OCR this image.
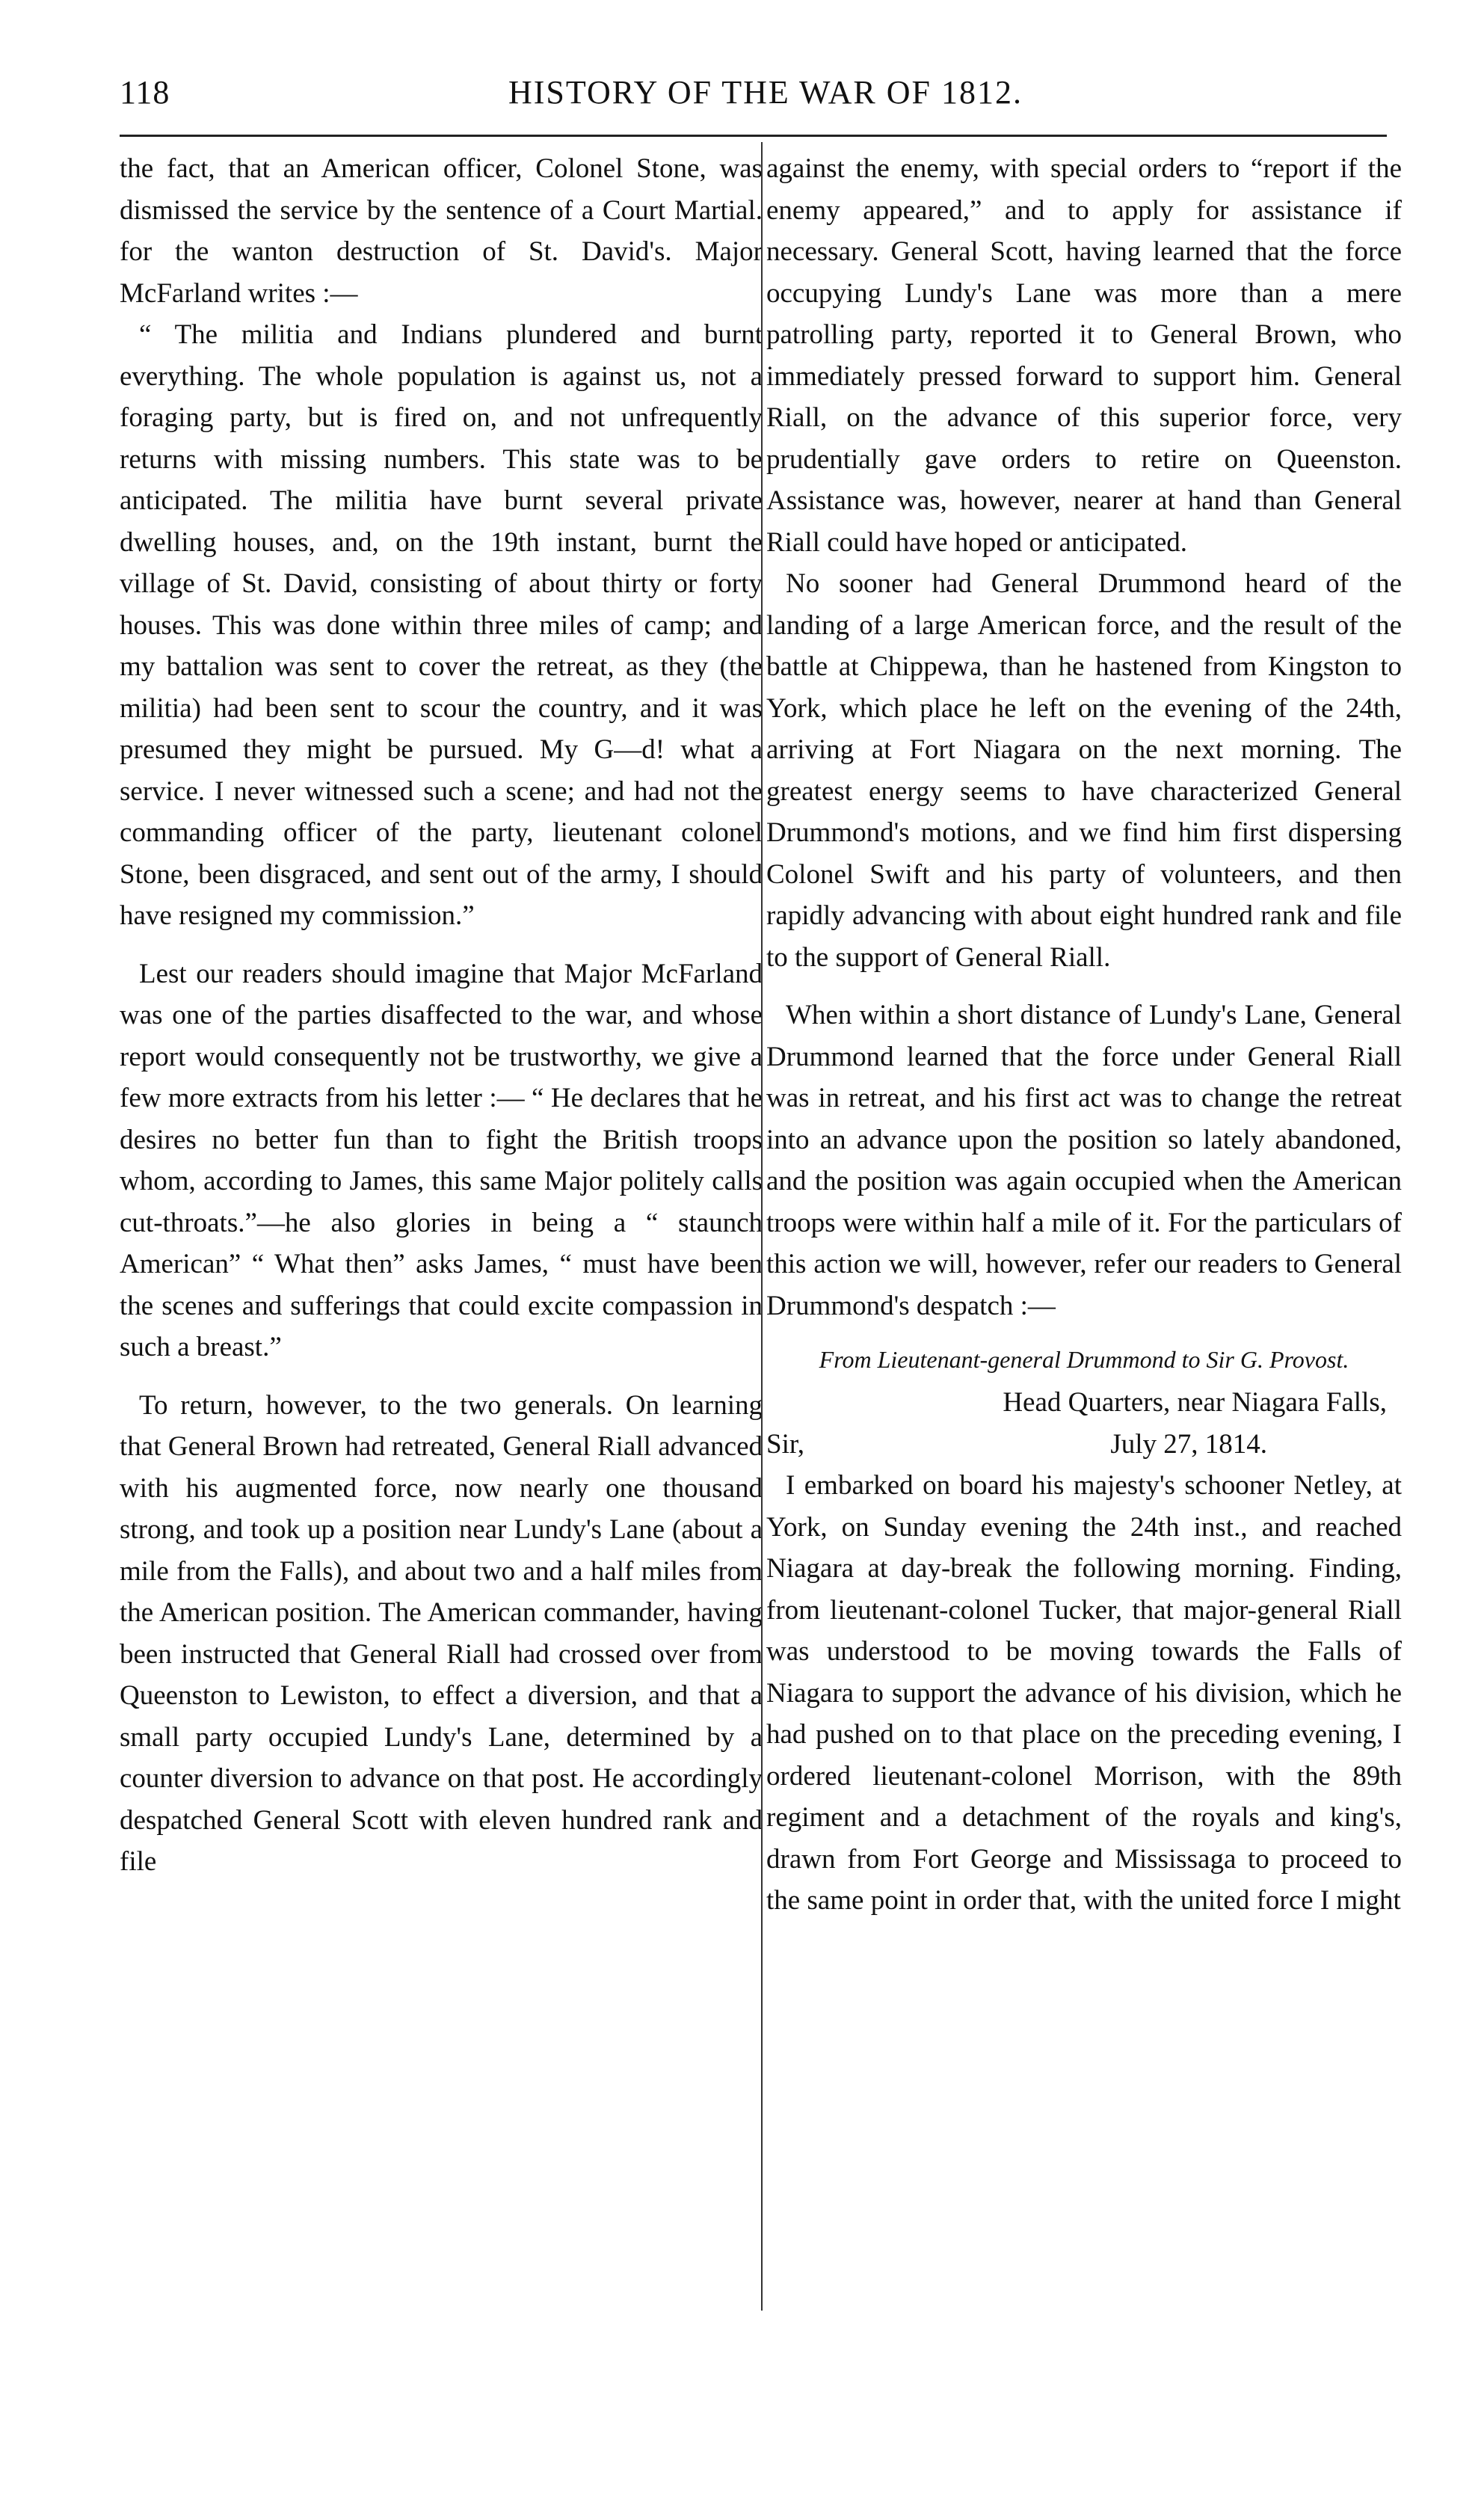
118	HISTORY OF THE WAR OF 1812.

the fact, that an American officer, Colonel Stone, was dismissed the service by the sentence of a Court Martial. for the wanton destruction of St. David's. Major McFarland writes :—

“ The militia and Indians plundered and burnt everything. The whole population is against us, not a foraging party, but is fired on, and not unfrequently returns with missing numbers. This state was to be anticipated. The militia have burnt several private dwelling houses, and, on the 19th instant, burnt the village of St. David, consisting of about thirty or forty houses. This was done within three miles of camp; and my battalion was sent to cover the retreat, as they (the militia) had been sent to scour the country, and it was presumed they might be pursued. My G—d! what a service. I never witnessed such a scene; and had not the commanding officer of the party, lieutenant colonel Stone, been disgraced, and sent out of the army, I should have resigned my commission.”

Lest our readers should imagine that Major McFarland was one of the parties disaffected to the war, and whose report would consequently not be trustworthy, we give a few more extracts from his letter :— “ He declares that he desires no better fun than to fight the British troops whom, according to James, this same Major politely calls cut-throats.”—he also glories in being a “ staunch American” “ What then” asks James, “ must have been the scenes and sufferings that could excite compassion in such a breast.”

To return, however, to the two generals. On learning that General Brown had retreated, General Riall advanced with his augmented force, now nearly one thousand strong, and took up a position near Lundy's Lane (about a mile from the Falls), and about two and a half miles from the American position. The American commander, having been instructed that General Riall had crossed over from Queenston to Lewiston, to effect a diversion, and that a small party occupied Lundy's Lane, determined by a counter diversion to advance on that post. He accordingly despatched General Scott with eleven hundred rank and file

against the enemy, with special orders to “report if the enemy appeared,” and to apply for assistance if necessary. General Scott, having learned that the force occupying Lundy's Lane was more than a mere patrolling party, reported it to General Brown, who immediately pressed forward to support him. General Riall, on the advance of this superior force, very prudentially gave orders to retire on Queenston. Assistance was, however, nearer at hand than General Riall could have hoped or anticipated.

No sooner had General Drummond heard of the landing of a large American force, and the result of the battle at Chippewa, than he hastened from Kingston to York, which place he left on the evening of the 24th, arriving at Fort Niagara on the next morning. The greatest energy seems to have characterized General Drummond's motions, and we find him first dispersing Colonel Swift and his party of volunteers, and then rapidly advancing with about eight hundred rank and file to the support of General Riall.

When within a short distance of Lundy's Lane, General Drummond learned that the force under General Riall was in retreat, and his first act was to change the retreat into an advance upon the position so lately abandoned, and the position was again occupied when the American troops were within half a mile of it. For the particulars of this action we will, however, refer our readers to General Drummond's despatch :—

From Lieutenant-general Drummond to Sir G. Provost.

Head Quarters, near Niagara Falls,

Sir,	July 27, 1814.

I embarked on board his majesty's schooner Netley, at York, on Sunday evening the 24th inst., and reached Niagara at day-break the following morning. Finding, from lieutenant-colonel Tucker, that major-general Riall was understood to be moving towards the Falls of Niagara to support the advance of his division, which he had pushed on to that place on the preceding evening, I ordered lieutenant-colonel Morrison, with the 89th regiment and a detachment of the royals and king's, drawn from Fort George and Mississaga to proceed to the same point in order that, with the united force I might
